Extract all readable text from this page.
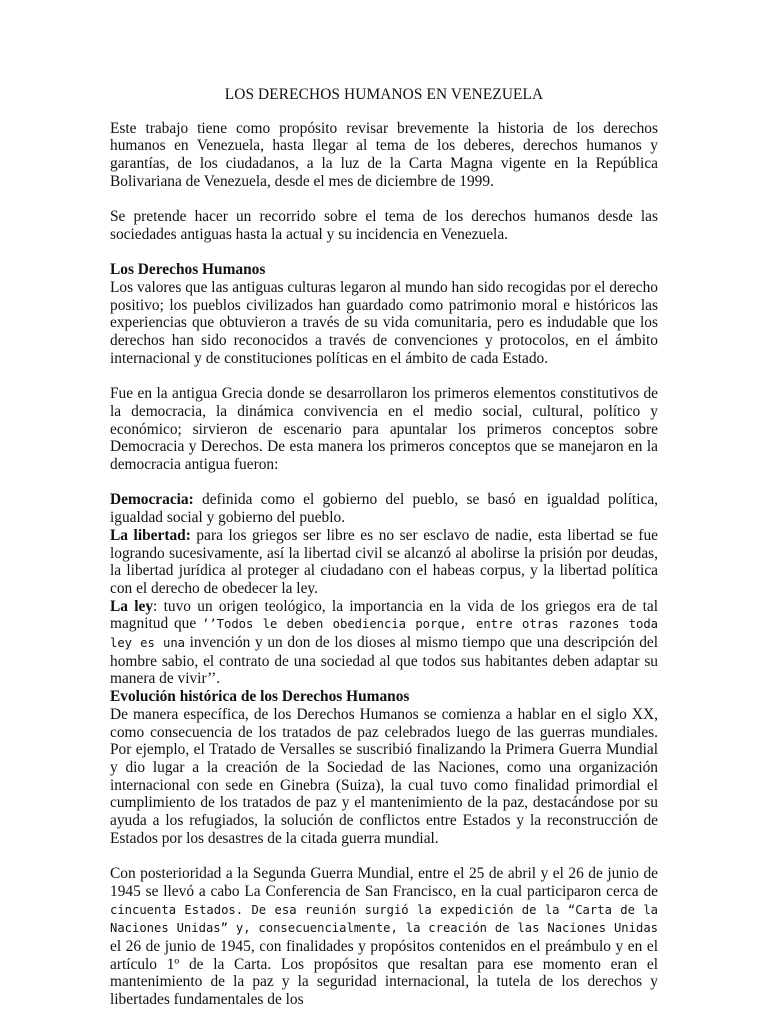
LOS DERECHOS HUMANOS EN VENEZUELA

Este trabajo tiene como propósito revisar brevemente la historia de los derechos humanos en Venezuela, hasta llegar al tema de los deberes, derechos humanos y garantías, de los ciudadanos, a la luz de la Carta Magna vigente en la República Bolivariana de Venezuela, desde el mes de diciembre de 1999.

Se pretende hacer un recorrido sobre el tema de los derechos humanos desde las sociedades antiguas hasta la actual y su incidencia en Venezuela.

Los Derechos Humanos

Los valores que las antiguas culturas legaron al mundo han sido recogidas por el derecho positivo; los pueblos civilizados han guardado como patrimonio moral e históricos las experiencias que obtuvieron a través de su vida comunitaria, pero es indudable que los derechos han sido reconocidos a través de convenciones y protocolos, en el ámbito internacional y de constituciones políticas en el ámbito de cada Estado.

Fue en la antigua Grecia donde se desarrollaron los primeros elementos constitutivos de la democracia, la dinámica convivencia en el medio social, cultural, político y económico; sirvieron de escenario para apuntalar los primeros conceptos sobre Democracia y Derechos. De esta manera los primeros conceptos que se manejaron en la democracia antigua fueron:

Democracia: definida como el gobierno del pueblo, se basó en igualdad política, igualdad social y gobierno del pueblo.

La libertad: para los griegos ser libre es no ser esclavo de nadie, esta libertad se fue logrando sucesivamente, así la libertad civil se alcanzó al abolirse la prisión por deudas, la libertad jurídica al proteger al ciudadano con el habeas corpus, y la libertad política con el derecho de obedecer la ley.

La ley: tuvo un origen teológico, la importancia en la vida de los griegos era de tal magnitud que ’’Todos le deben obediencia porque, entre otras razones toda ley es una invención y un don de los dioses al mismo tiempo que una descripción del hombre sabio, el contrato de una sociedad al que todos sus habitantes deben adaptar su manera de vivir’’.

Evolución histórica de los Derechos Humanos

De manera específica, de los Derechos Humanos se comienza a hablar en el siglo XX, como consecuencia de los tratados de paz celebrados luego de las guerras mundiales. Por ejemplo, el Tratado de Versalles se suscribió finalizando la Primera Guerra Mundial y dio lugar a la creación de la Sociedad de las Naciones, como una organización internacional con sede en Ginebra (Suiza), la cual tuvo como finalidad primordial el cumplimiento de los tratados de paz y el mantenimiento de la paz, destacándose por su ayuda a los refugiados, la solución de conflictos entre Estados y la reconstrucción de Estados por los desastres de la citada guerra mundial.

Con posterioridad a la Segunda Guerra Mundial, entre el 25 de abril y el 26 de junio de 1945 se llevó a cabo La Conferencia de San Francisco, en la cual participaron cerca de cincuenta Estados. De esa reunión surgió la expedición de la “Carta de la Naciones Unidas” y, consecuencialmente, la creación de las Naciones Unidas el 26 de junio de 1945, con finalidades y propósitos contenidos en el preámbulo y en el artículo 1º de la Carta. Los propósitos que resaltan para ese momento eran el mantenimiento de la paz y la seguridad internacional, la tutela de los derechos y libertades fundamentales de los
